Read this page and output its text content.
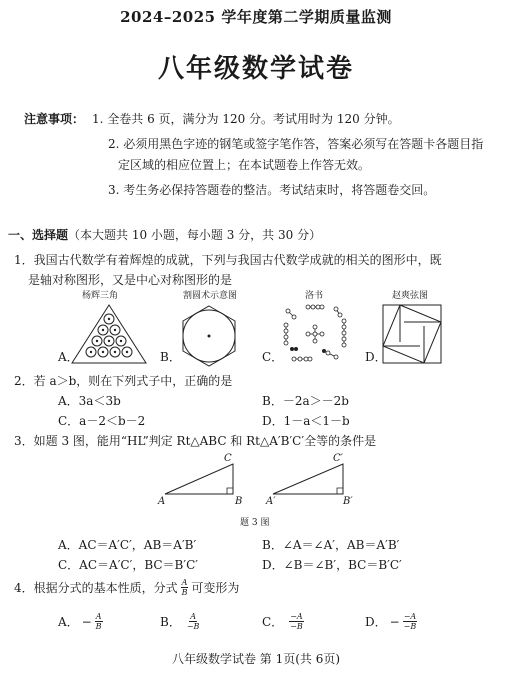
2024–2025 学年度第二学期质量监测
八年级数学试卷
注意事项： 1. 全卷共 6 页，满分为 120 分。考试用时为 120 分钟。
2. 必须用黑色字迹的钢笔或签字笔作答，答案必须写在答题卡各题目指
定区域的相应位置上；在本试题卷上作答无效。
3. 考生务必保持答题卷的整洁。考试结束时，将答题卷交回。
一、选择题（本大题共 10 小题，每小题 3 分，共 30 分）
1．我国古代数学有着辉煌的成就，下列与我国古代数学成就的相关的图形中，既
是轴对称图形，又是中心对称图形的是
杨辉三角	割圆术示意图	洛书	赵爽弦图
A．	B．	C．	D．
2．若 a＞b，则在下列式子中，正确的是
A．3a＜3b	B．－2a＞－2b
C．a－2＜b－2	D．1－a＜1－b
3．如题 3 图，能用“HL”判定 Rt△ABC 和 Rt△A′B′C′全等的条件是
C
A	B
C′
A′	B′
题 3 图
A．AC＝A′C′，AB＝A′B′	B．∠A＝∠A′，AB＝A′B′
C．AC＝A′C′，BC＝B′C′	D．∠B＝∠B′，BC＝B′C′
4．根据分式的基本性质，分式 $\frac{A}{B}$ 可变形为
A． − $\frac{A}{B}$	B． $\frac{A}{-B}$	C． $\frac{-A}{-B}$	D． − $\frac{-A}{-B}$
八年级数学试卷 第 1页(共 6页)
